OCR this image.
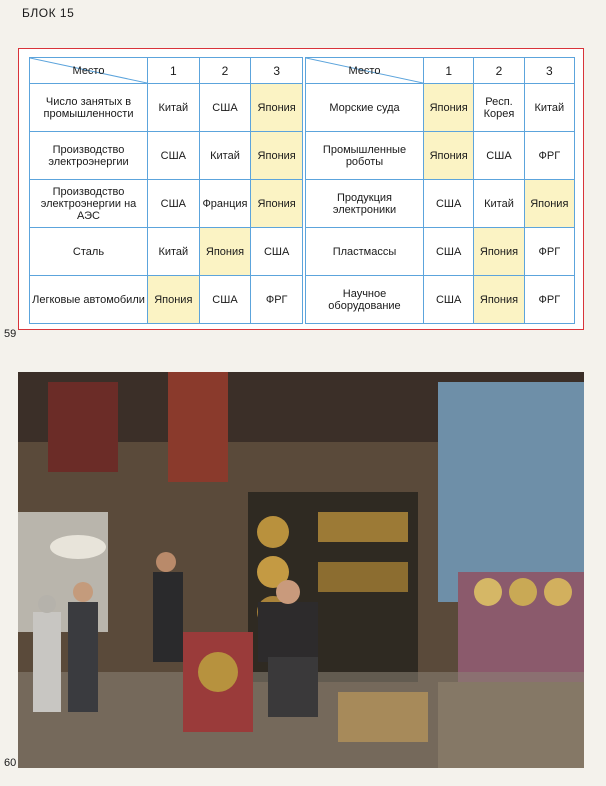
БЛОК 15
Место	1	2	3
Число занятых в промышленности	Китай	США	Япония
Производство электроэнергии	США	Китай	Япония
Производство электроэнергии на АЭС	США	Франция	Япония
Сталь	Китай	Япония	США
Легковые автомобили	Япония	США	ФРГ
Место	1	2	3
Морские суда	Япония	Респ. Корея	Китай
Промышленные роботы	Япония	США	ФРГ
Продукция электроники	США	Китай	Япония
Пластмассы	США	Япония	ФРГ
Научное оборудование	США	Япония	ФРГ
59
60
